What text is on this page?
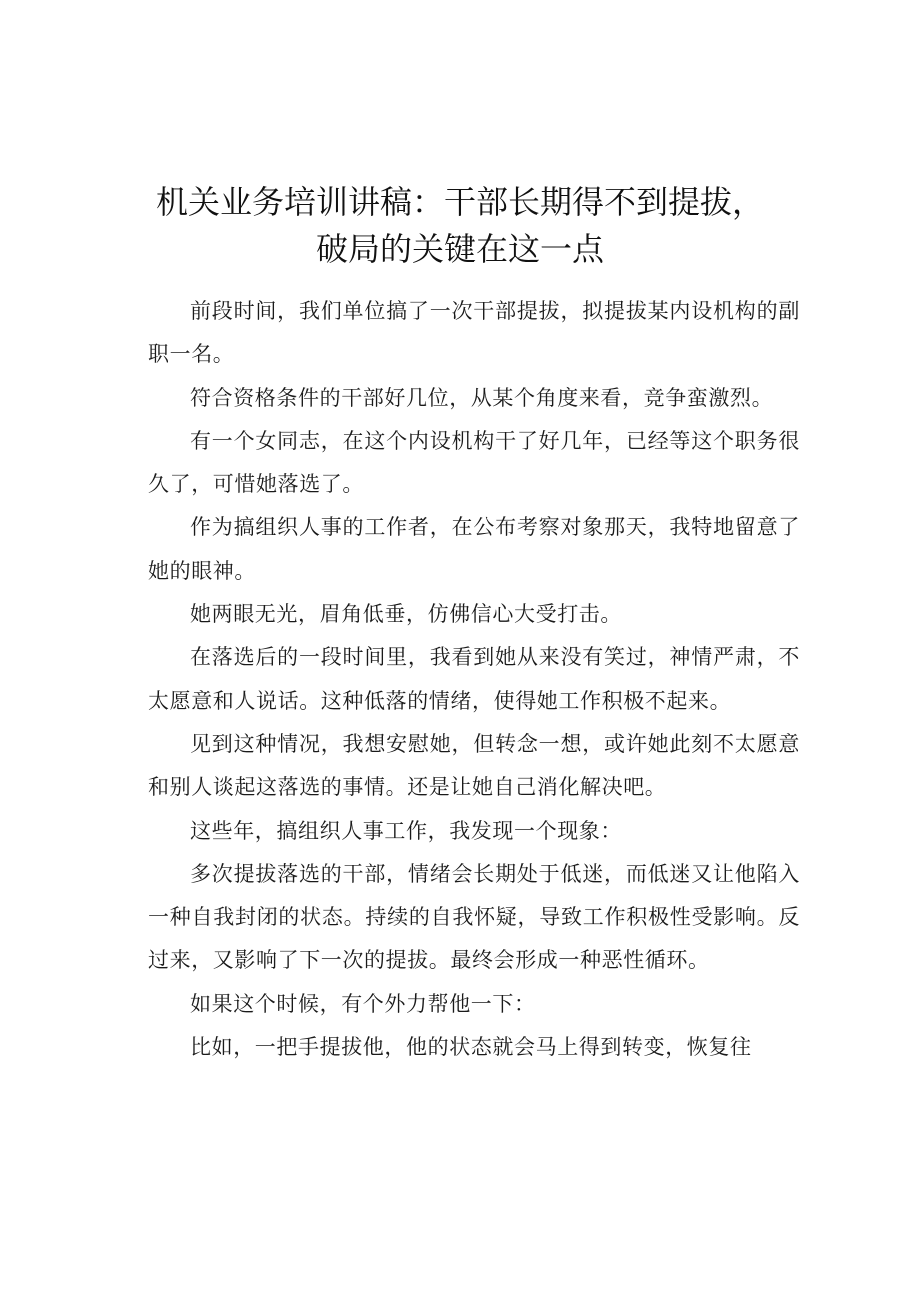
机关业务培训讲稿：干部长期得不到提拔，
破局的关键在这一点

前段时间，我们单位搞了一次干部提拔，拟提拔某内设机构的副职一名。

符合资格条件的干部好几位，从某个角度来看，竞争蛮激烈。

有一个女同志，在这个内设机构干了好几年，已经等这个职务很久了，可惜她落选了。

作为搞组织人事的工作者，在公布考察对象那天，我特地留意了她的眼神。

她两眼无光，眉角低垂，仿佛信心大受打击。

在落选后的一段时间里，我看到她从来没有笑过，神情严肃，不太愿意和人说话。这种低落的情绪，使得她工作积极不起来。

见到这种情况，我想安慰她，但转念一想，或许她此刻不太愿意和别人谈起这落选的事情。还是让她自己消化解决吧。

这些年，搞组织人事工作，我发现一个现象：

多次提拔落选的干部，情绪会长期处于低迷，而低迷又让他陷入一种自我封闭的状态。持续的自我怀疑，导致工作积极性受影响。反过来，又影响了下一次的提拔。最终会形成一种恶性循环。

如果这个时候，有个外力帮他一下：

比如，一把手提拔他，他的状态就会马上得到转变，恢复往
